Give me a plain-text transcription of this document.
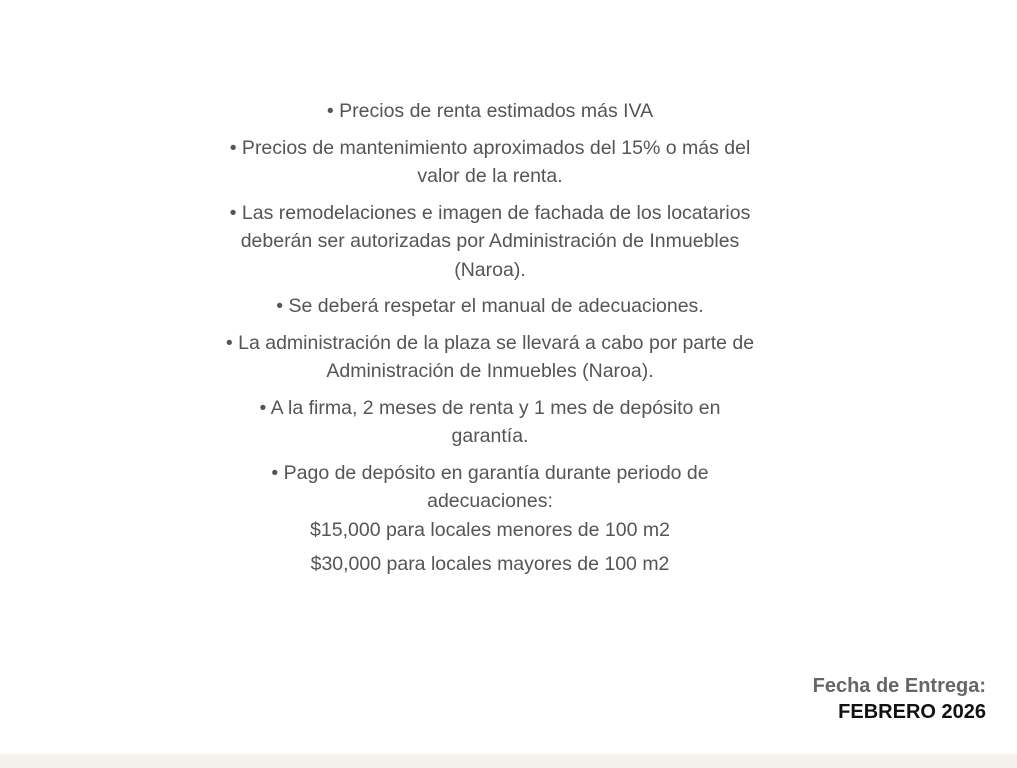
• Precios de renta estimados más IVA

• Precios de mantenimiento aproximados del 15% o más del
valor de la renta.

• Las remodelaciones e imagen de fachada de los locatarios
deberán ser autorizadas por Administración de Inmuebles
(Naroa).

• Se deberá respetar el manual de adecuaciones.

• La administración de la plaza se llevará a cabo por parte de
Administración de Inmuebles (Naroa).

• A la firma, 2 meses de renta y 1 mes de depósito en
garantía.

• Pago de depósito en garantía durante periodo de
adecuaciones:

$15,000 para locales menores de 100 m2

$30,000 para locales mayores de 100 m2

Fecha de Entrega:
FEBRERO 2026
